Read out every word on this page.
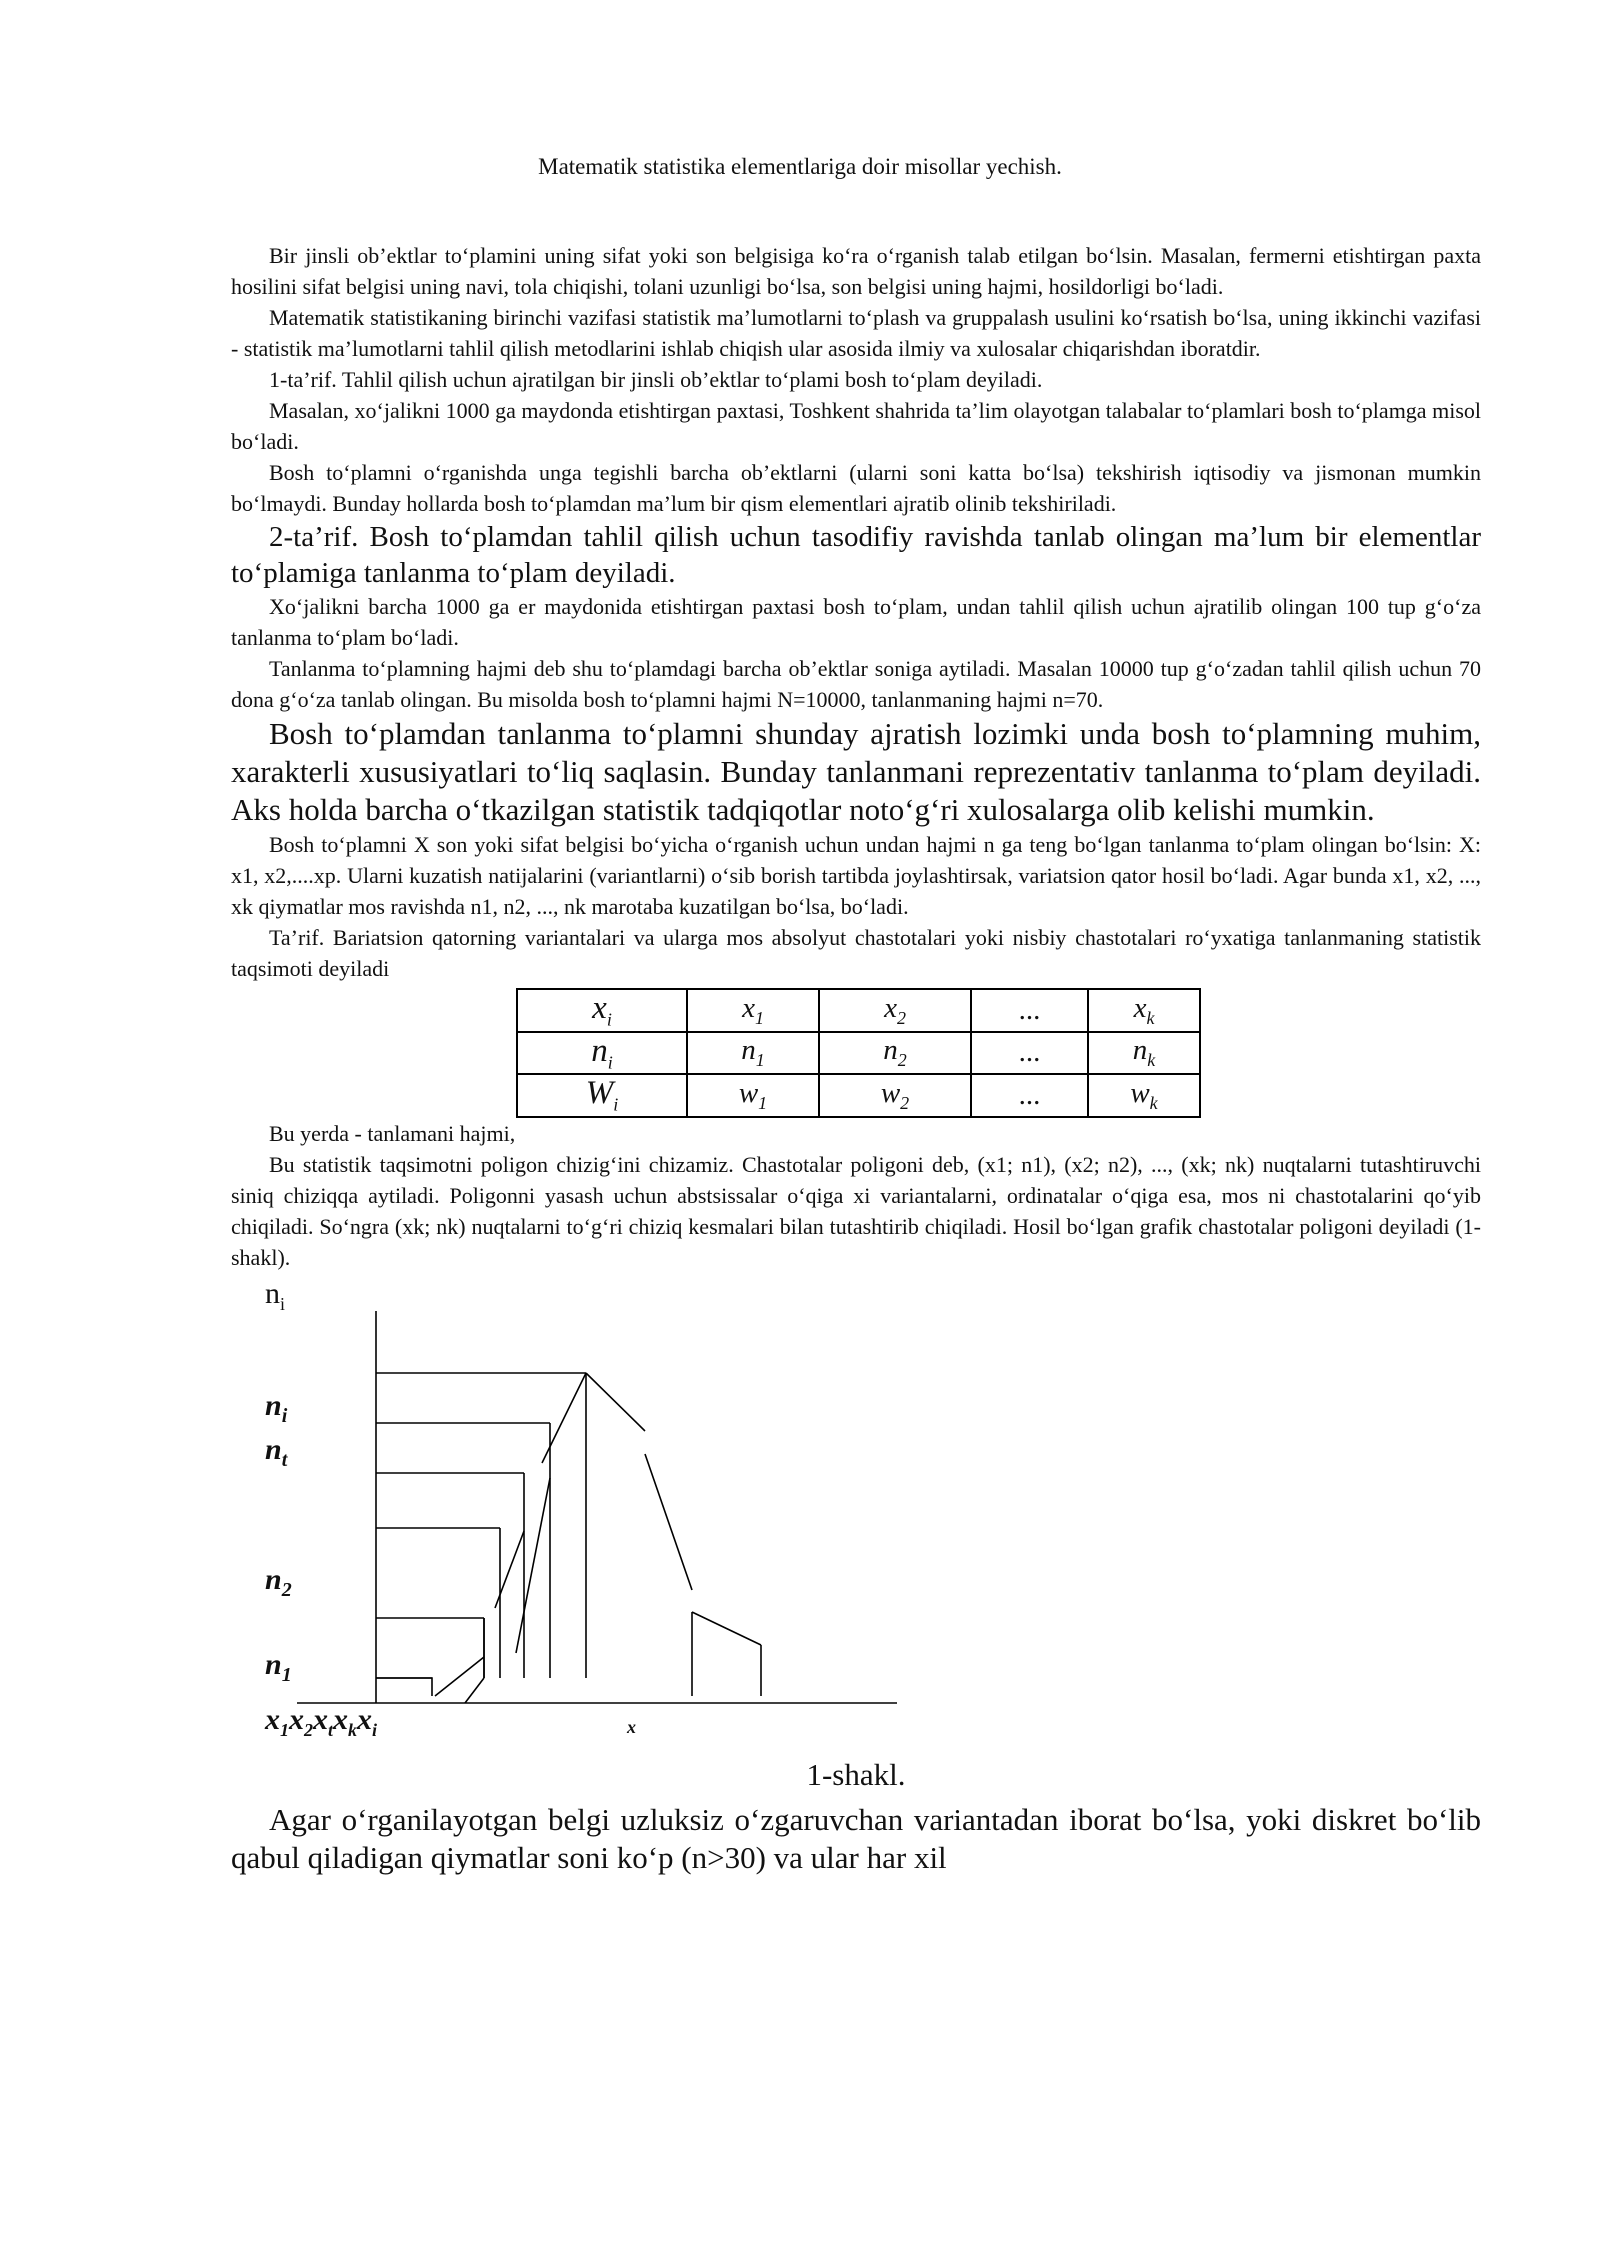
Matematik statistika elementlariga doir misollar yechish.

Bir jinsli ob’ektlar to‘plamini uning sifat yoki son belgisiga ko‘ra o‘rganish talab etilgan bo‘lsin. Masalan, fermerni etishtirgan paxta hosilini sifat belgisi uning navi, tola chiqishi, tolani uzunligi bo‘lsa, son belgisi uning hajmi, hosildorligi bo‘ladi.

Matematik statistikaning birinchi vazifasi statistik ma’lumotlarni to‘plash va gruppalash usulini ko‘rsatish bo‘lsa, uning ikkinchi vazifasi - statistik ma’lumotlarni tahlil qilish metodlarini ishlab chiqish ular asosida ilmiy va xulosalar chiqarishdan iboratdir.

1-ta’rif. Tahlil qilish uchun ajratilgan bir jinsli ob’ektlar to‘plami bosh to‘plam deyiladi.

Masalan, xo‘jalikni 1000 ga maydonda etishtirgan paxtasi, Toshkent shahrida ta’lim olayotgan talabalar to‘plamlari bosh to‘plamga misol bo‘ladi.

Bosh to‘plamni o‘rganishda unga tegishli barcha ob’ektlarni (ularni soni katta bo‘lsa) tekshirish iqtisodiy va jismonan mumkin bo‘lmaydi. Bunday hollarda bosh to‘plamdan ma’lum bir qism elementlari ajratib olinib tekshiriladi.

2-ta’rif. Bosh to‘plamdan tahlil qilish uchun tasodifiy ravishda tanlab olingan ma’lum bir elementlar to‘plamiga tanlanma to‘plam deyiladi.

Xo‘jalikni barcha 1000 ga er maydonida etishtirgan paxtasi bosh to‘plam, undan tahlil qilish uchun ajratilib olingan 100 tup g‘o‘za tanlanma to‘plam bo‘ladi.

Tanlanma to‘plamning hajmi deb shu to‘plamdagi barcha ob’ektlar soniga aytiladi. Masalan 10000 tup g‘o‘zadan tahlil qilish uchun 70 dona g‘o‘za tanlab olingan. Bu misolda bosh to‘plamni hajmi N=10000, tanlanmaning hajmi n=70.

Bosh to‘plamdan tanlanma to‘plamni shunday ajratish lozimki unda bosh to‘plamning muhim, xarakterli xususiyatlari to‘liq saqlasin. Bunday tanlanmani reprezentativ tanlanma to‘plam deyiladi. Aks holda barcha o‘tkazilgan statistik tadqiqotlar noto‘g‘ri xulosalarga olib kelishi mumkin.

Bosh to‘plamni X son yoki sifat belgisi bo‘yicha o‘rganish uchun undan hajmi n ga teng bo‘lgan tanlanma to‘plam olingan bo‘lsin: X: x1, x2,....xp. Ularni kuzatish natijalarini (variantlarni) o‘sib borish tartibda joylashtirsak, variatsion qator hosil bo‘ladi. Agar bunda x1, x2, ..., xk qiymatlar mos ravishda n1, n2, ..., nk marotaba kuzatilgan bo‘lsa, bo‘ladi.

Ta’rif. Bariatsion qatorning variantalari va ularga mos absolyut chastotalari yoki nisbiy chastotalari ro‘yxatiga tanlanmaning statistik taqsimoti deyiladi

$x_i$	$x_1$	$x_2$	...	$x_k$
$n_i$	$n_1$	$n_2$	...	$n_k$
$W_i$	$w_1$	$w_2$	...	$w_k$

Bu yerda - tanlamani hajmi,

Bu statistik taqsimotni poligon chizig‘ini chizamiz. Chastotalar poligoni deb, (x1; n1), (x2; n2), ..., (xk; nk) nuqtalarni tutashtiruvchi siniq chiziqqa aytiladi. Poligonni yasash uchun abstsissalar o‘qiga xi variantalarni, ordinatalar o‘qiga esa, mos ni chastotalarini qo‘yib chiqiladi. So‘ngra (xk; nk) nuqtalarni to‘g‘ri chiziq kesmalari bilan tutashtirib chiqiladi. Hosil bo‘lgan grafik chastotalar poligoni deyiladi (1-shakl).

$n_i$
$n_i$
$n_t$
$n_2$
$n_1$
$x_1x_2x_tx_kx_i$	x
1-shakl.

Agar o‘rganilayotgan belgi uzluksiz o‘zgaruvchan variantadan iborat bo‘lsa, yoki diskret bo‘lib qabul qiladigan qiymatlar soni ko‘p (n>30) va ular har xil
